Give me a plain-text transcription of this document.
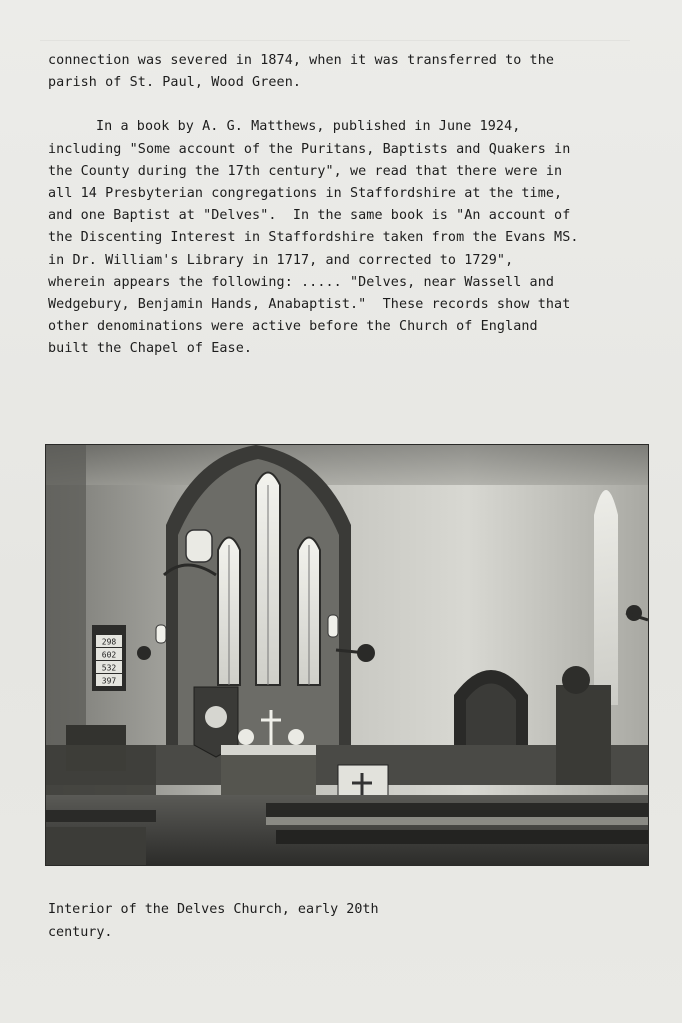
connection was severed in 1874, when it was transferred to the
parish of St. Paul, Wood Green.

In a book by A. G. Matthews, published in June 1924,
including "Some account of the Puritans, Baptists and Quakers in
the County during the 17th century", we read that there were in
all 14 Presbyterian congregations in Staffordshire at the time,
and one Baptist at "Delves".  In the same book is "An account of
the Discenting Interest in Staffordshire taken from the Evans MS.
in Dr. William's Library in 1717, and corrected to 1729",
wherein appears the following: ..... "Delves, near Wassell and
Wedgebury, Benjamin Hands, Anabaptist."  These records show that
other denominations were active before the Church of England
built the Chapel of Ease.

298
602
532
397
Interior of the Delves Church, early 20th
century.
